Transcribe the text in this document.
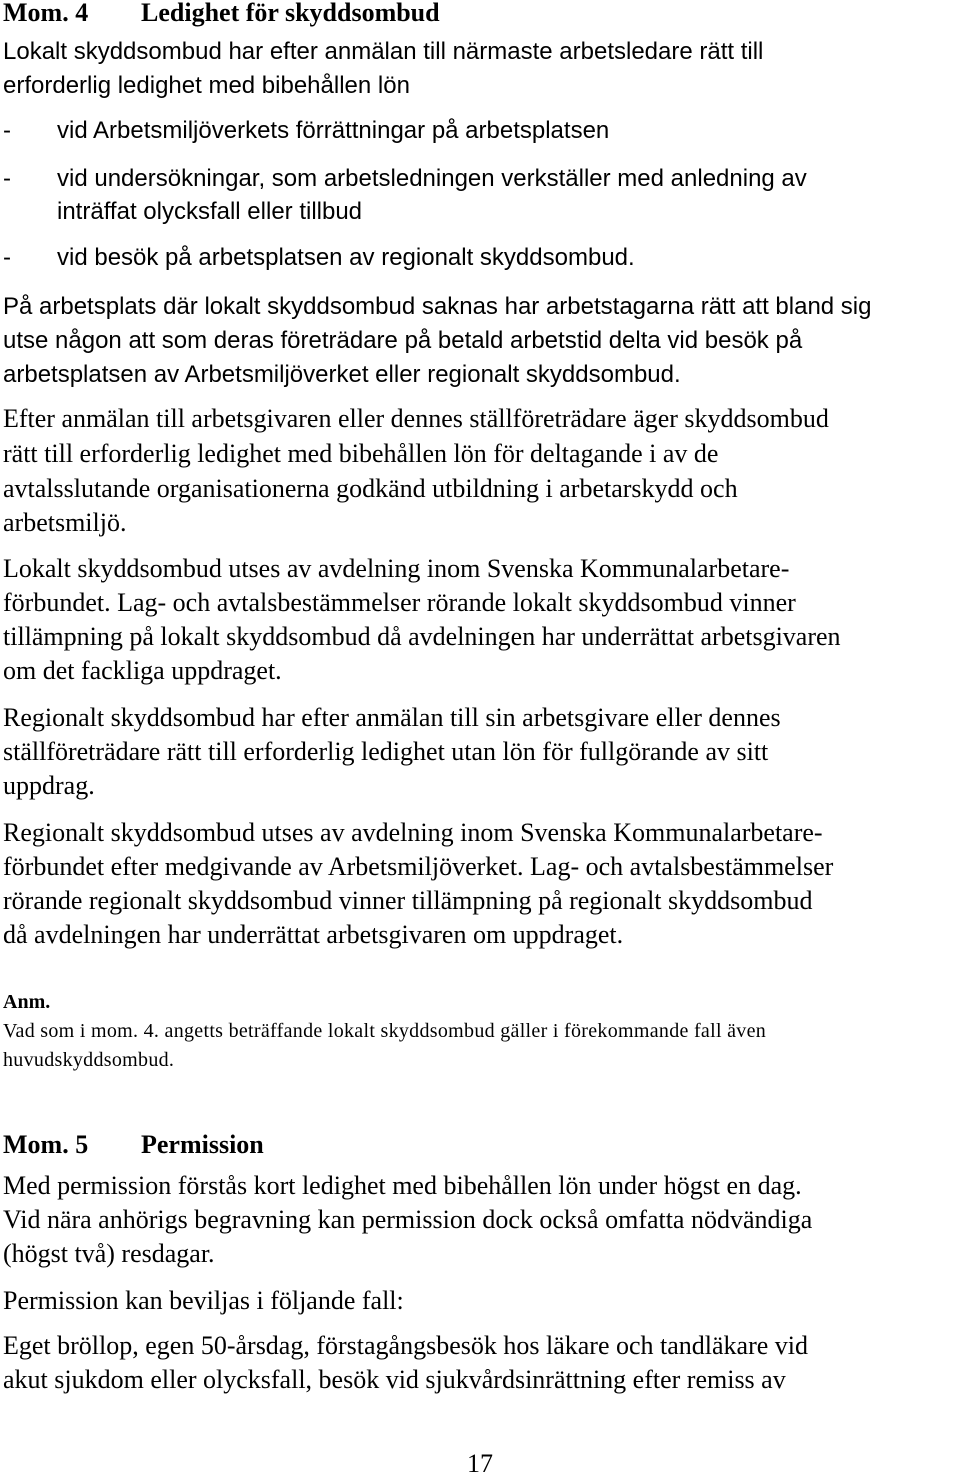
Mom. 4 Ledighet för skyddsombud
Lokalt skyddsombud har efter anmälan till närmaste arbetsledare rätt till
erforderlig ledighet med bibehållen lön
- vid Arbetsmiljöverkets förrättningar på arbetsplatsen
- vid undersökningar, som arbetsledningen verkställer med anledning av
inträffat olycksfall eller tillbud
- vid besök på arbetsplatsen av regionalt skyddsombud.
På arbetsplats där lokalt skyddsombud saknas har arbetstagarna rätt att bland sig
utse någon att som deras företrädare på betald arbetstid delta vid besök på
arbetsplatsen av Arbetsmiljöverket eller regionalt skyddsombud.
Efter anmälan till arbetsgivaren eller dennes ställföreträdare äger skyddsombud
rätt till erforderlig ledighet med bibehållen lön för deltagande i av de
avtalsslutande organisationerna godkänd utbildning i arbetarskydd och
arbetsmiljö.
Lokalt skyddsombud utses av avdelning inom Svenska Kommunalarbetare-
förbundet. Lag- och avtalsbestämmelser rörande lokalt skyddsombud vinner
tillämpning på lokalt skyddsombud då avdelningen har underrättat arbetsgivaren
om det fackliga uppdraget.
Regionalt skyddsombud har efter anmälan till sin arbetsgivare eller dennes
ställföreträdare rätt till erforderlig ledighet utan lön för fullgörande av sitt
uppdrag.
Regionalt skyddsombud utses av avdelning inom Svenska Kommunalarbetare-
förbundet efter medgivande av Arbetsmiljöverket. Lag- och avtalsbestämmelser
rörande regionalt skyddsombud vinner tillämpning på regionalt skyddsombud
då avdelningen har underrättat arbetsgivaren om uppdraget.
Anm.
Vad som i mom. 4. angetts beträffande lokalt skyddsombud gäller i förekommande fall även
huvudskyddsombud.
Mom. 5 Permission
Med permission förstås kort ledighet med bibehållen lön under högst en dag.
Vid nära anhörigs begravning kan permission dock också omfatta nödvändiga
(högst två) resdagar.
Permission kan beviljas i följande fall:
Eget bröllop, egen 50-årsdag, förstagångsbesök hos läkare och tandläkare vid
akut sjukdom eller olycksfall, besök vid sjukvårdsinrättning efter remiss av
17
